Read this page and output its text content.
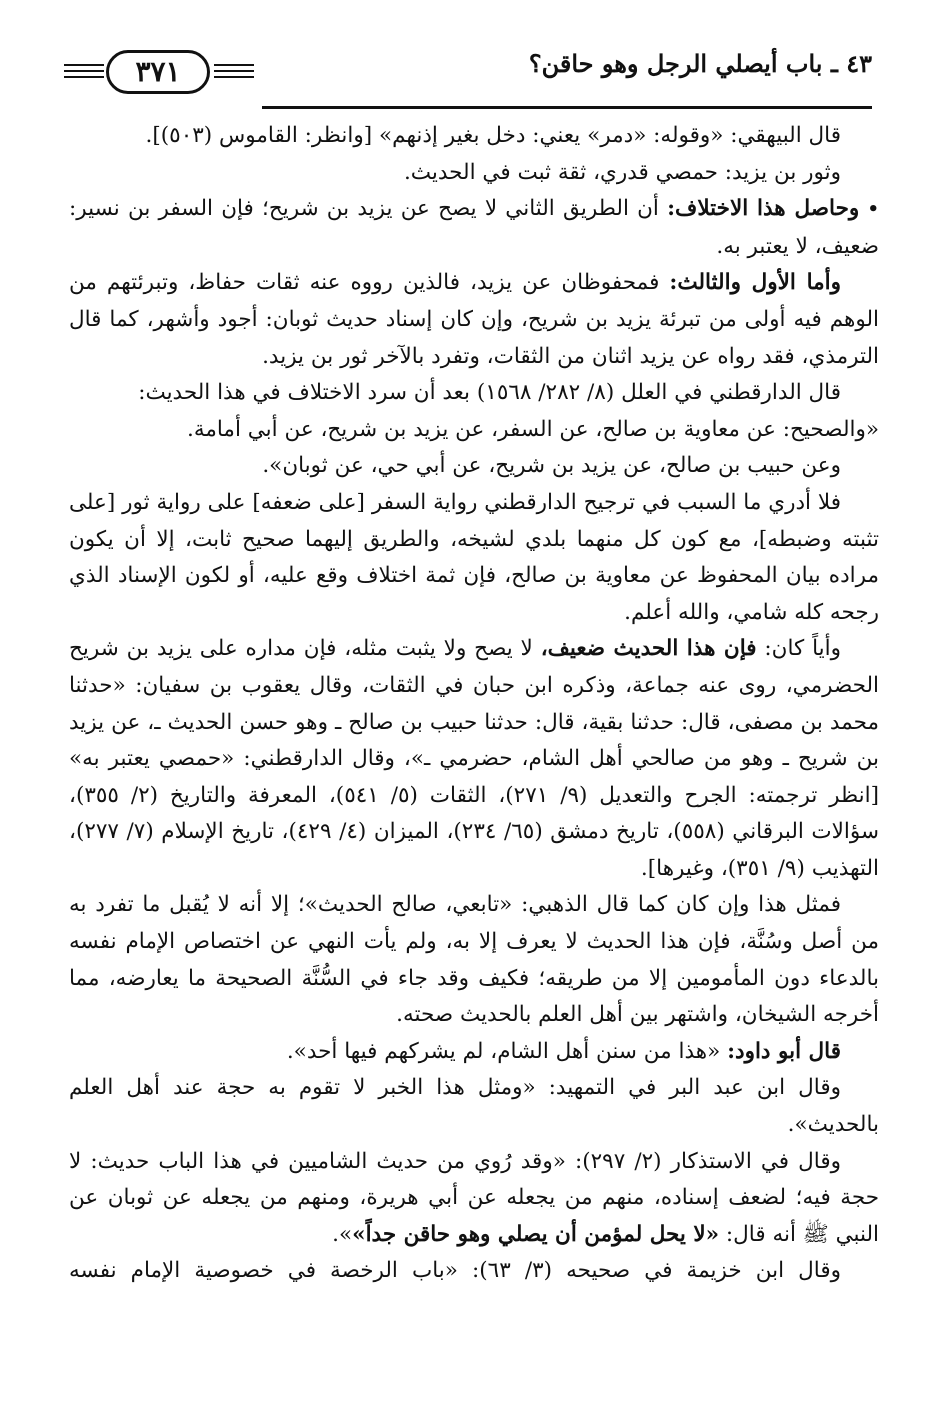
٤٣ ـ باب أيصلي الرجل وهو حاقن؟
٣٧١

قال البيهقي: «وقوله: «دمر» يعني: دخل بغير إذنهم» [وانظر: القاموس (٥٠٣)].

وثور بن يزيد: حمصي قدري، ثقة ثبت في الحديث.

• وحاصل هذا الاختلاف: أن الطريق الثاني لا يصح عن يزيد بن شريح؛ فإن السفر بن نسير: ضعيف، لا يعتبر به.

وأما الأول والثالث: فمحفوظان عن يزيد، فالذين رووه عنه ثقات حفاظ، وتبرئتهم من الوهم فيه أولى من تبرئة يزيد بن شريح، وإن كان إسناد حديث ثوبان: أجود وأشهر، كما قال الترمذي، فقد رواه عن يزيد اثنان من الثقات، وتفرد بالآخر ثور بن يزيد.

قال الدارقطني في العلل (٨/ ٢٨٢/ ١٥٦٨) بعد أن سرد الاختلاف في هذا الحديث:

«والصحيح: عن معاوية بن صالح، عن السفر، عن يزيد بن شريح، عن أبي أمامة.

وعن حبيب بن صالح، عن يزيد بن شريح، عن أبي حي، عن ثوبان».

فلا أدري ما السبب في ترجيح الدارقطني رواية السفر [على ضعفه] على رواية ثور [على تثبته وضبطه]، مع كون كل منهما بلدي لشيخه، والطريق إليهما صحيح ثابت، إلا أن يكون مراده بيان المحفوظ عن معاوية بن صالح، فإن ثمة اختلاف وقع عليه، أو لكون الإسناد الذي رجحه كله شامي، والله أعلم.

وأياً كان: فإن هذا الحديث ضعيف، لا يصح ولا يثبت مثله، فإن مداره على يزيد بن شريح الحضرمي، روى عنه جماعة، وذكره ابن حبان في الثقات، وقال يعقوب بن سفيان: «حدثنا محمد بن مصفى، قال: حدثنا بقية، قال: حدثنا حبيب بن صالح ـ وهو حسن الحديث ـ، عن يزيد بن شريح ـ وهو من صالحي أهل الشام، حضرمي ـ»، وقال الدارقطني: «حمصي يعتبر به» [انظر ترجمته: الجرح والتعديل (٩/ ٢٧١)، الثقات (٥/ ٥٤١)، المعرفة والتاريخ (٢/ ٣٥٥)، سؤالات البرقاني (٥٥٨)، تاريخ دمشق (٦٥/ ٢٣٤)، الميزان (٤/ ٤٢٩)، تاريخ الإسلام (٧/ ٢٧٧)، التهذيب (٩/ ٣٥١)، وغيرها].

فمثل هذا وإن كان كما قال الذهبي: «تابعي، صالح الحديث»؛ إلا أنه لا يُقبل ما تفرد به من أصل وسُنَّة، فإن هذا الحديث لا يعرف إلا به، ولم يأت النهي عن اختصاص الإمام نفسه بالدعاء دون المأمومين إلا من طريقه؛ فكيف وقد جاء في السُّنَّة الصحيحة ما يعارضه، مما أخرجه الشيخان، واشتهر بين أهل العلم بالحديث صحته.

قال أبو داود: «هذا من سنن أهل الشام، لم يشركهم فيها أحد».

وقال ابن عبد البر في التمهيد: «ومثل هذا الخبر لا تقوم به حجة عند أهل العلم بالحديث».

وقال في الاستذكار (٢/ ٢٩٧): «وقد رُوي من حديث الشاميين في هذا الباب حديث: لا حجة فيه؛ لضعف إسناده، منهم من يجعله عن أبي هريرة، ومنهم من يجعله عن ثوبان عن النبي ﷺ أنه قال: «لا يحل لمؤمن أن يصلي وهو حاقن جداً»».

وقال ابن خزيمة في صحيحه (٣/ ٦٣): «باب الرخصة في خصوصية الإمام نفسه
